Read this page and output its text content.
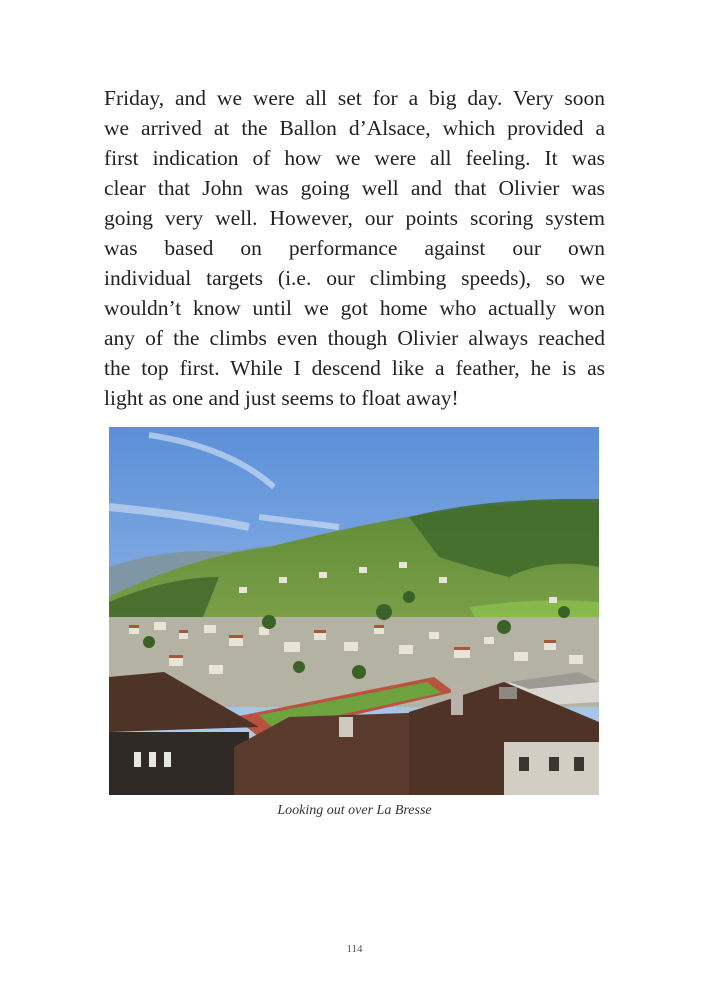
Friday, and we were all set for a big day. Very soon
we arrived at the Ballon d’Alsace, which provided a
first indication of how we were all feeling. It was
clear that John was going well and that Olivier was
going very well. However, our points scoring system
was based on performance against our own
individual targets (i.e. our climbing speeds), so we
wouldn’t know until we got home who actually won
any of the climbs even though Olivier always reached
the top first. While I descend like a feather, he is as
light as one and just seems to float away!

Looking out over La Bresse
114
